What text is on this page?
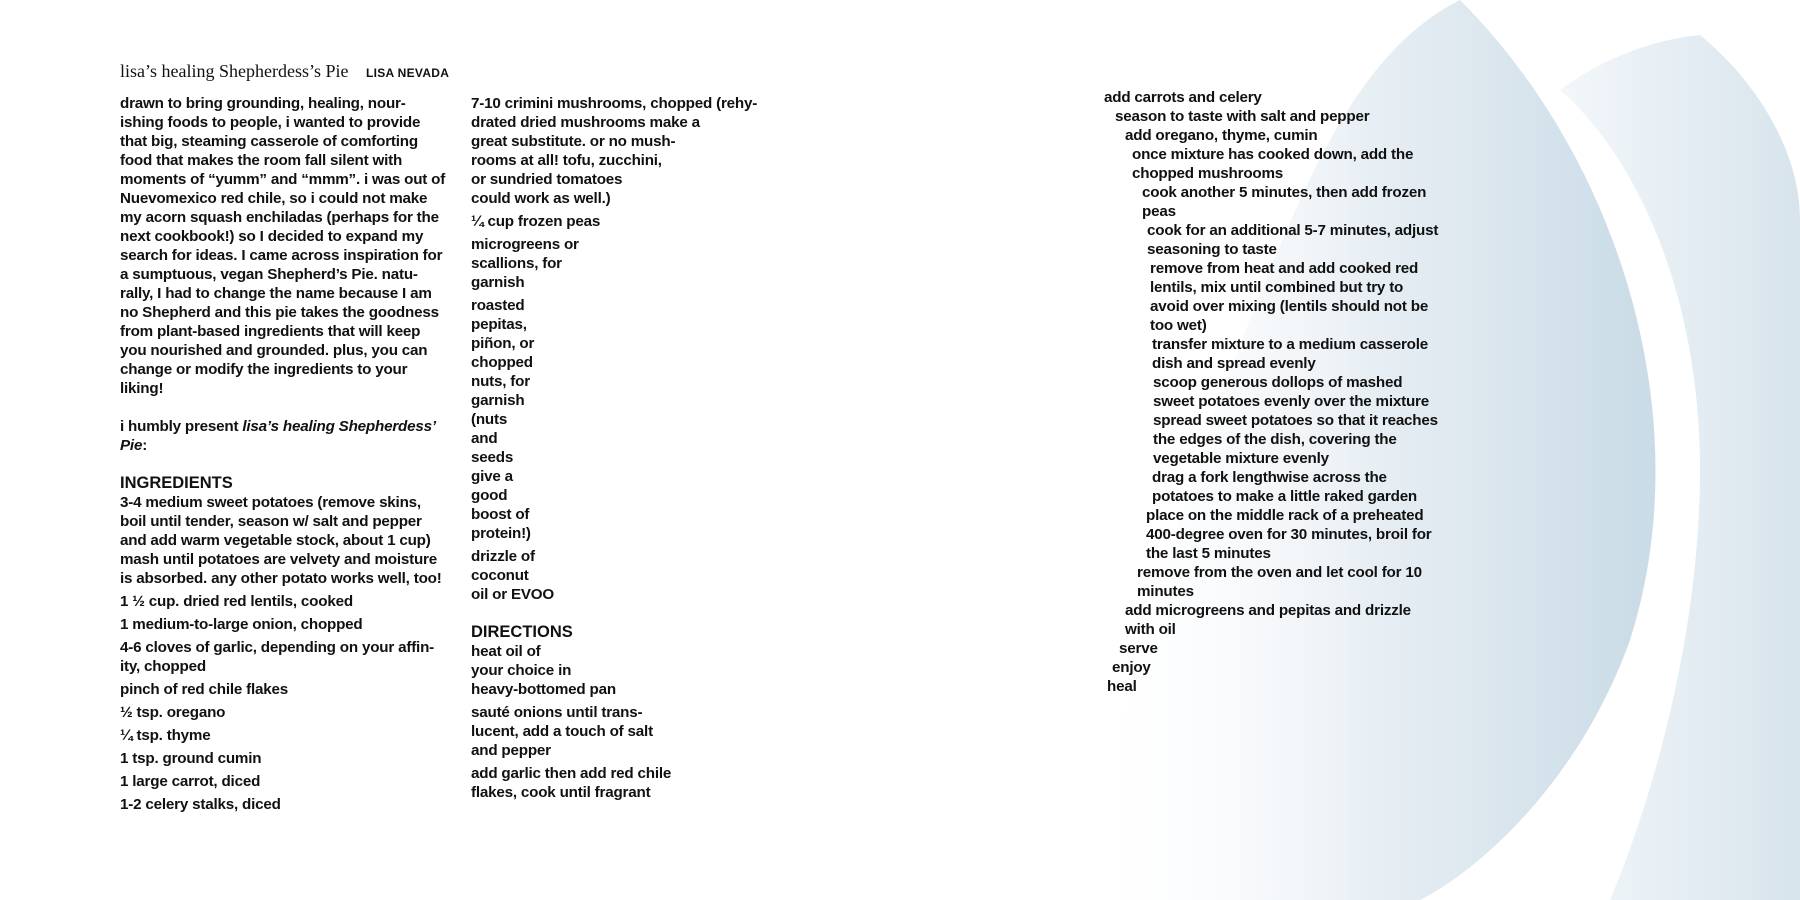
lisa’s healing Shepherdess’s Pie LISA NEVADA

drawn to bring grounding, healing, nour-
ishing foods to people, i wanted to provide
that big, steaming casserole of comforting
food that makes the room fall silent with
moments of “yumm” and “mmm”. i was out of
Nuevomexico red chile, so i could not make
my acorn squash enchiladas (perhaps for the
next cookbook!) so I decided to expand my
search for ideas. I came across inspiration for
a sumptuous, vegan Shepherd’s Pie. natu-
rally, I had to change the name because I am
no Shepherd and this pie takes the goodness
from plant-based ingredients that will keep
you nourished and grounded. plus, you can
change or modify the ingredients to your
liking!

i humbly present lisa’s healing Shepherdess’
Pie:

INGREDIENTS

3-4 medium sweet potatoes (remove skins,
boil until tender, season w/ salt and pepper
and add warm vegetable stock, about 1 cup)
mash until potatoes are velvety and moisture
is absorbed. any other potato works well, too!

1 ½ cup. dried red lentils, cooked

1 medium-to-large onion, chopped

4-6 cloves of garlic, depending on your affin-
ity, chopped

pinch of red chile flakes

½ tsp. oregano

¼ tsp. thyme

1 tsp. ground cumin

1 large carrot, diced

1-2 celery stalks, diced

7-10 crimini mushrooms, chopped (rehy-
drated dried mushrooms make a
great substitute. or no mush-
rooms at all! tofu, zucchini,
or sundried tomatoes
could work as well.)

¼ cup frozen peas

microgreens or
scallions, for
garnish

roasted
pepitas,
piñon, or
chopped
nuts, for
garnish
(nuts
and
seeds
give a
good
boost of
protein!)

drizzle of
coconut
oil or EVOO

DIRECTIONS

heat oil of
your choice in
heavy-bottomed pan

sauté onions until trans-
lucent, add a touch of salt
and pepper

add garlic then add red chile
flakes, cook until fragrant

add carrots and celery

season to taste with salt and pepper

add oregano, thyme, cumin

once mixture has cooked down, add the
chopped mushrooms

cook another 5 minutes, then add frozen
peas

cook for an additional 5-7 minutes, adjust
seasoning to taste

remove from heat and add cooked red
lentils, mix until combined but try to
avoid over mixing (lentils should not be
too wet)

transfer mixture to a medium casserole
dish and spread evenly

scoop generous dollops of mashed
sweet potatoes evenly over the mixture

spread sweet potatoes so that it reaches
the edges of the dish, covering the
vegetable mixture evenly

drag a fork lengthwise across the
potatoes to make a little raked garden

place on the middle rack of a preheated
400-degree oven for 30 minutes, broil for
the last 5 minutes

remove from the oven and let cool for 10
minutes

add microgreens and pepitas and drizzle
with oil

serve

enjoy

heal
